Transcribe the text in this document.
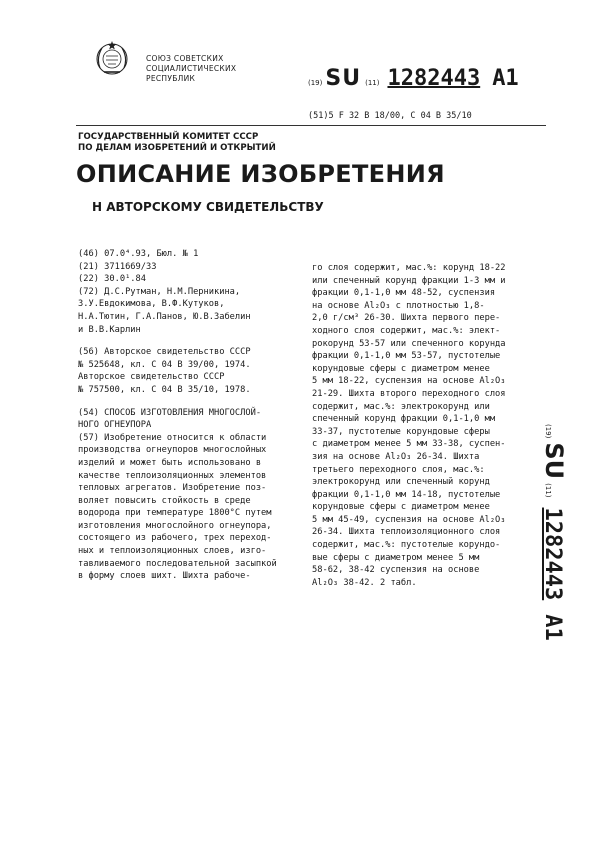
СОЮЗ СОВЕТСКИХ
СОЦИАЛИСТИЧЕСКИХ
РЕСПУБЛИК	(19) SU (11) 1282443 A1
(51)5 F 32 B 18/00, C 04 B 35/10
ГОСУДАРСТВЕННЫЙ КОМИТЕТ СССР
ПО ДЕЛАМ ИЗОБРЕТЕНИЙ И ОТКРЫТИЙ
ОПИСАНИЕ ИЗОБРЕТЕНИЯ
Н АВТОРСКОМУ СВИДЕТЕЛЬСТВУ
(46) 07.0⁴.93, Бюл. № 1
(21) 3711669/33
(22) 30.0¹.84
(72) Д.С.Рутман, Н.М.Перникина,
З.У.Евдокимова, В.Ф.Кутуков,
Н.А.Тютин, Г.А.Панов, Ю.В.Забелин
и В.В.Карлин
(56) Авторское свидетельство СССР
№ 525648, кл. С 04 В 39/00, 1974.
Авторское свидетельство СССР
№ 757500, кл. С 04 В 35/10, 1978.
(54) СПОСОБ ИЗГОТОВЛЕНИЯ МНОГОСЛОЙ-
НОГО ОГНЕУПОРА
(57) Изобретение относится к области
производства огнеупоров многослойных
изделий и может быть использовано в
качестве теплоизоляционных элементов
тепловых агрегатов. Изобретение поз-
воляет повысить стойкость в среде
водорода при температуре 1800°С путем
изготовления многослойного огнеупора,
состоящего из рабочего, трех переход-
ных и теплоизоляционных слоев, изго-
тавливаемого последовательной засыпкой
в форму слоев шихт. Шихта рабоче-
го слоя содержит, мас.%: корунд 18-22
или спеченный корунд фракции 1-3 мм и
фракции 0,1-1,0 мм 48-52, суспензия
на основе Al₂O₃ с плотностью 1,8-
2,0 г/см³ 26-30. Шихта первого пере-
ходного слоя содержит, мас.%: элект-
рокорунд 53-57 или спеченного корунда
фракции 0,1-1,0 мм 53-57, пустотелые
корундовые сферы с диаметром менее
5 мм 18-22, суспензия на основе Al₂O₃
21-29. Шихта второго переходного слоя
содержит, мас.%: электрокорунд или
спеченный корунд фракции 0,1-1,0 мм
33-37, пустотелые корундовые сферы
с диаметром менее 5 мм 33-38, суспен-
зия на основе Al₂O₃ 26-34. Шихта
третьего переходного слоя, мас.%:
электрокорунд или спеченный корунд
фракции 0,1-1,0 мм 14-18, пустотелые
корундовые сферы с диаметром менее
5 мм 45-49, суспензия на основе Al₂O₃
26-34. Шихта теплоизоляционного слоя
содержит, мас.%: пустотелые корундо-
вые сферы с диаметром менее 5 мм
58-62, 38-42 суспензия на основе
Al₂O₃ 38-42. 2 табл.
(19)
SU
(11)
1282443
A1
